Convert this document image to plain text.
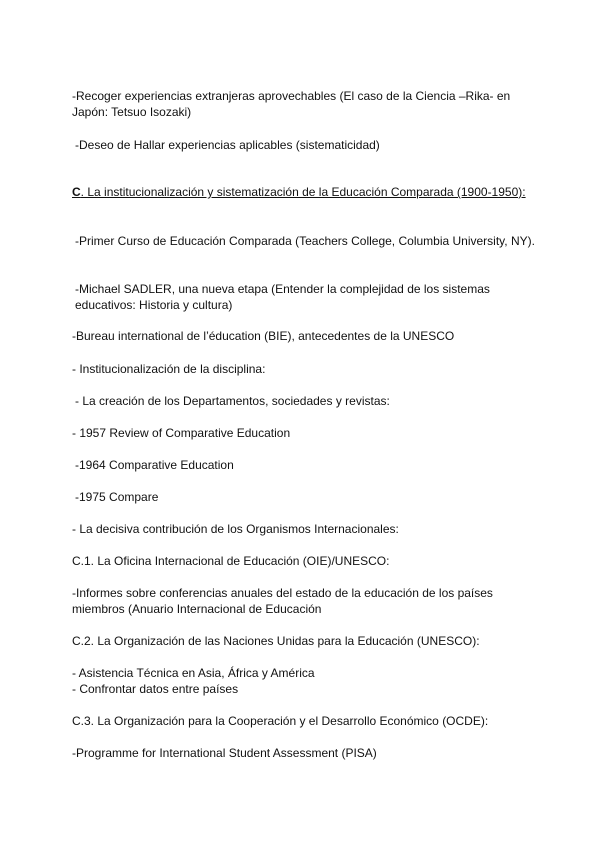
-Recoger experiencias extranjeras aprovechables (El caso de la Ciencia –Rika- en Japón: Tetsuo Isozaki)
-Deseo de Hallar experiencias aplicables (sistematicidad)
C. La institucionalización y sistematización de la Educación Comparada (1900-1950):
-Primer Curso de Educación Comparada (Teachers College, Columbia University, NY).
-Michael SADLER, una nueva etapa (Entender la complejidad de los sistemas educativos: Historia y cultura)
-Bureau international de l’éducation (BIE), antecedentes de la UNESCO
- Institucionalización de la disciplina:
- La creación de los Departamentos, sociedades y revistas:
- 1957 Review of Comparative Education
-1964 Comparative Education
-1975 Compare
- La decisiva contribución de los Organismos Internacionales:
C.1. La Oficina Internacional de Educación (OIE)/UNESCO:
-Informes sobre conferencias anuales del estado de la educación de los países miembros (Anuario Internacional de Educación
C.2. La Organización de las Naciones Unidas para la Educación (UNESCO):
- Asistencia Técnica en Asia, África y América
- Confrontar datos entre países
C.3. La Organización para la Cooperación y el Desarrollo Económico (OCDE):
-Programme for International Student Assessment (PISA)
